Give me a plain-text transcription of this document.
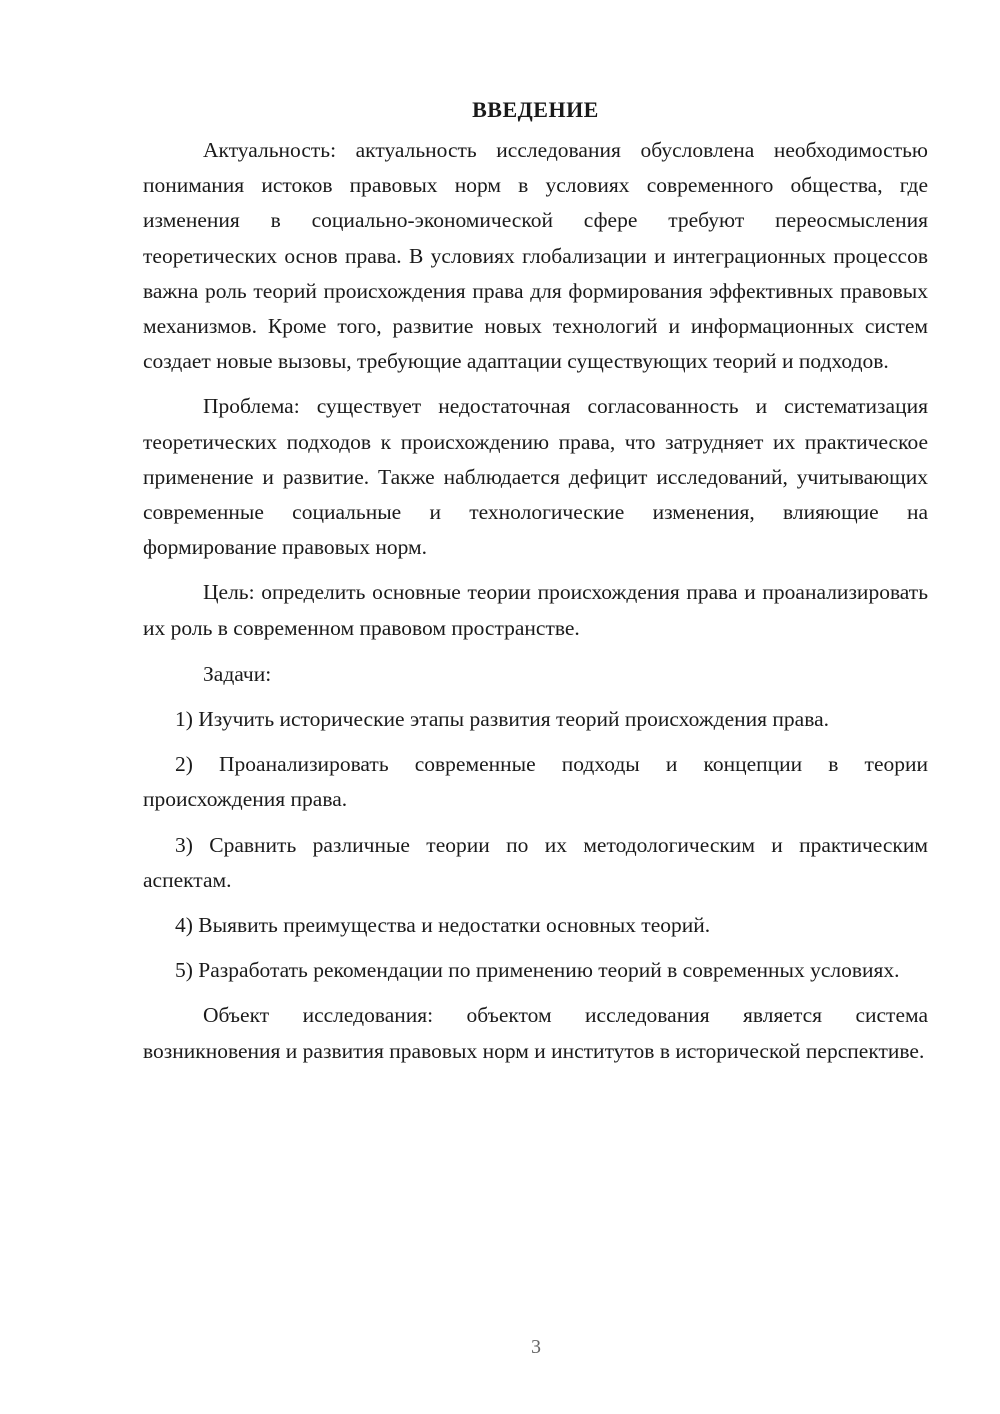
ВВЕДЕНИЕ

Актуальность: актуальность исследования обусловлена необходимостью понимания истоков правовых норм в условиях современного общества, где изменения в социально-экономической сфере требуют переосмысления теоретических основ права. В условиях глобализации и интеграционных процессов важна роль теорий происхождения права для формирования эффективных правовых механизмов. Кроме того, развитие новых технологий и информационных систем создает новые вызовы, требующие адаптации существующих теорий и подходов.

Проблема: существует недостаточная согласованность и систематизация теоретических подходов к происхождению права, что затрудняет их практическое применение и развитие. Также наблюдается дефицит исследований, учитывающих современные социальные и технологические изменения, влияющие на формирование правовых норм.

Цель: определить основные теории происхождения права и проанализировать их роль в современном правовом пространстве.

Задачи:

1) Изучить исторические этапы развития теорий происхождения права.

2) Проанализировать современные подходы и концепции в теории происхождения права.

3) Сравнить различные теории по их методологическим и практическим аспектам.

4) Выявить преимущества и недостатки основных теорий.

5) Разработать рекомендации по применению теорий в современных условиях.

Объект исследования: объектом исследования является система возникновения и развития правовых норм и институтов в исторической перспективе.

3
